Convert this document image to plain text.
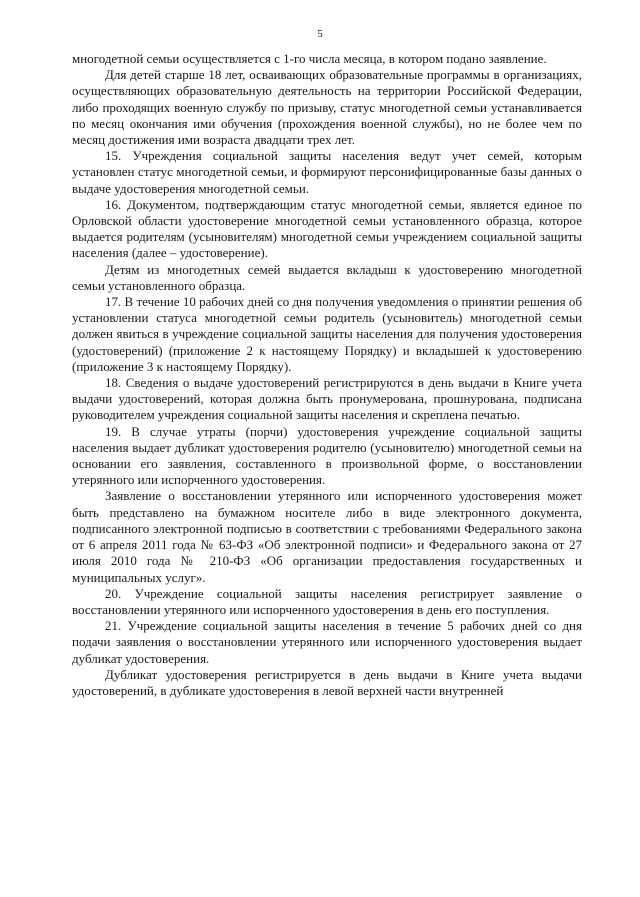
5

многодетной семьи осуществляется с 1-го числа месяца, в котором подано заявление.

Для детей старше 18 лет, осваивающих образовательные программы в организациях, осуществляющих образовательную деятельность на территории Российской Федерации, либо проходящих военную службу по призыву, статус многодетной семьи устанавливается по месяц окончания ими обучения (прохождения военной службы), но не более чем по месяц достижения ими возраста двадцати трех лет.

15. Учреждения социальной защиты населения ведут учет семей, которым установлен статус многодетной семьи, и формируют персонифицированные базы данных о выдаче удостоверения многодетной семьи.

16. Документом, подтверждающим статус многодетной семьи, является единое по Орловской области удостоверение многодетной семьи установленного образца, которое выдается родителям (усыновителям) многодетной семьи учреждением социальной защиты населения (далее – удостоверение).

Детям из многодетных семей выдается вкладыш к удостоверению многодетной семьи установленного образца.

17. В течение 10 рабочих дней со дня получения уведомления о принятии решения об установлении статуса многодетной семьи родитель (усыновитель) многодетной семьи должен явиться в учреждение социальной защиты населения для получения удостоверения (удостоверений) (приложение 2 к настоящему Порядку) и вкладышей к удостоверению (приложение 3 к настоящему Порядку).

18. Сведения о выдаче удостоверений регистрируются в день выдачи в Книге учета выдачи удостоверений, которая должна быть пронумерована, прошнурована, подписана руководителем учреждения социальной защиты населения и скреплена печатью.

19. В случае утраты (порчи) удостоверения учреждение социальной защиты населения выдает дубликат удостоверения родителю (усыновителю) многодетной семьи на основании его заявления, составленного в произвольной форме, о восстановлении утерянного или испорченного удостоверения.

Заявление о восстановлении утерянного или испорченного удостоверения может быть представлено на бумажном носителе либо в виде электронного документа, подписанного электронной подписью в соответствии с требованиями Федерального закона от 6 апреля 2011 года № 63-ФЗ «Об электронной подписи» и Федерального закона от 27 июля 2010 года № 210-ФЗ «Об организации предоставления государственных и муниципальных услуг».

20. Учреждение социальной защиты населения регистрирует заявление о восстановлении утерянного или испорченного удостоверения в день его поступления.

21. Учреждение социальной защиты населения в течение 5 рабочих дней со дня подачи заявления о восстановлении утерянного или испорченного удостоверения выдает дубликат удостоверения.

Дубликат удостоверения регистрируется в день выдачи в Книге учета выдачи удостоверений, в дубликате удостоверения в левой верхней части внутренней
